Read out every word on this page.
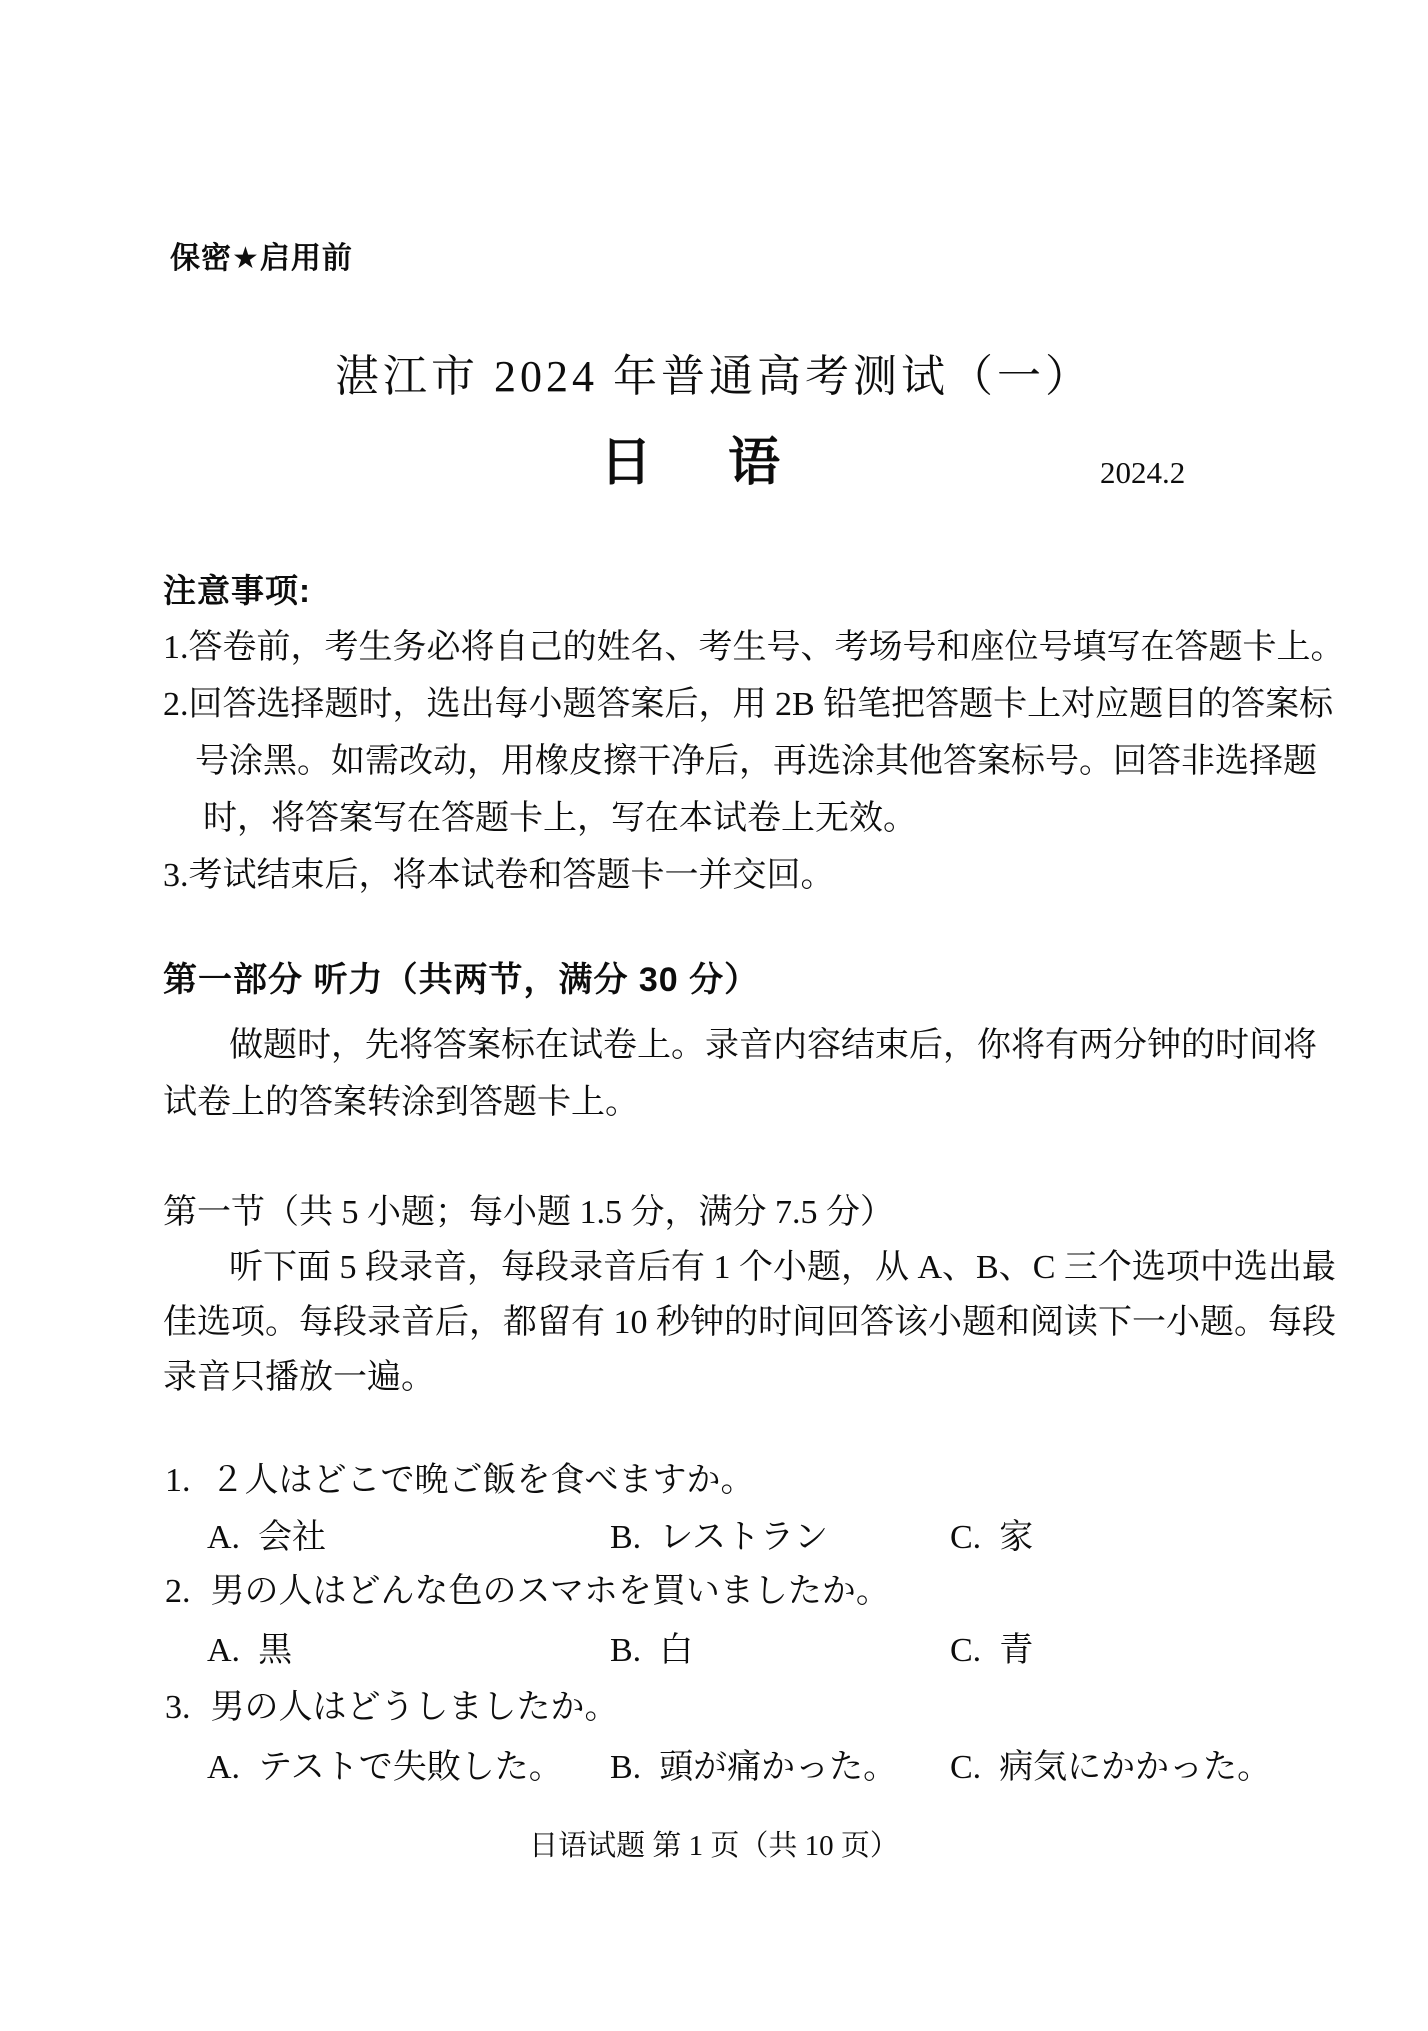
保密★启用前
湛江市 2024 年普通高考测试（一）
日　语	2024.2
注意事项:
1.答卷前，考生务必将自己的姓名、考生号、考场号和座位号填写在答题卡上。
2.回答选择题时，选出每小题答案后，用 2B 铅笔把答题卡上对应题目的答案标
号涂黑。如需改动，用橡皮擦干净后，再选涂其他答案标号。回答非选择题
时，将答案写在答题卡上，写在本试卷上无效。
3.考试结束后，将本试卷和答题卡一并交回。
第一部分 听力（共两节，满分 30 分）
做题时，先将答案标在试卷上。录音内容结束后，你将有两分钟的时间将
试卷上的答案转涂到答题卡上。
第一节（共 5 小题；每小题 1.5 分，满分 7.5 分）
听下面 5 段录音，每段录音后有 1 个小题，从 A、B、C 三个选项中选出最
佳选项。每段录音后，都留有 10 秒钟的时间回答该小题和阅读下一小题。每段
录音只播放一遍。
1. ２人はどこで晩ご飯を食べますか。
A. 会社	B. レストラン	C. 家
2. 男の人はどんな色のスマホを買いましたか。
A. 黒	B. 白	C. 青
3. 男の人はどうしましたか。
A. テストで失敗した。 B. 頭が痛かった。 C. 病気にかかった。
日语试题 第 1 页（共 10 页）
